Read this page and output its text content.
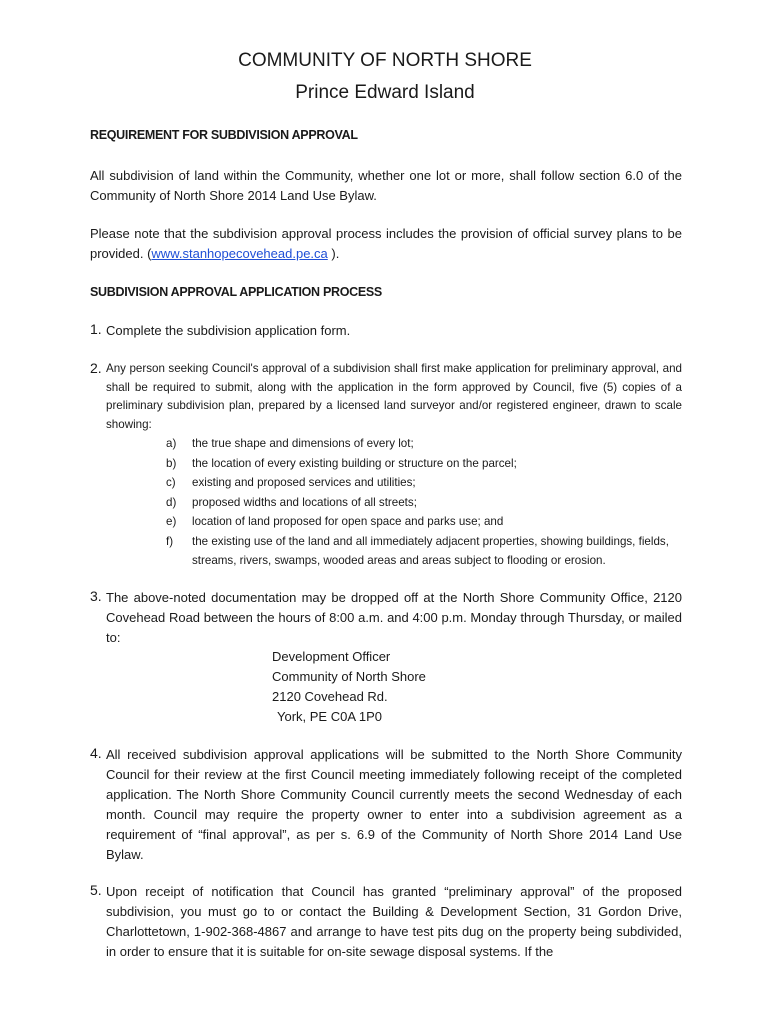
COMMUNITY OF NORTH SHORE
Prince Edward Island
REQUIREMENT FOR SUBDIVISION APPROVAL
All subdivision of land within the Community, whether one lot or more, shall follow section 6.0 of the Community of North Shore 2014 Land Use Bylaw.
Please note that the subdivision approval process includes the provision of official survey plans to be provided. (www.stanhopecovehead.pe.ca ).
SUBDIVISION APPROVAL APPLICATION PROCESS
1. Complete the subdivision application form.
2. Any person seeking Council's approval of a subdivision shall first make application for preliminary approval, and shall be required to submit, along with the application in the form approved by Council, five (5) copies of a preliminary subdivision plan, prepared by a licensed land surveyor and/or registered engineer, drawn to scale showing:
a)	the true shape and dimensions of every lot;
b)	the location of every existing building or structure on the parcel;
c)	existing and proposed services and utilities;
d)	proposed widths and locations of all streets;
e)	location of land proposed for open space and parks use; and
f)	the existing use of the land and all immediately adjacent properties, showing buildings, fields, streams, rivers, swamps, wooded areas and areas subject to flooding or erosion.
3. The above-noted documentation may be dropped off at the North Shore Community Office, 2120 Covehead Road between the hours of 8:00 a.m. and 4:00 p.m. Monday through Thursday, or mailed to:
Development Officer
Community of North Shore
2120 Covehead Rd.
York, PE C0A 1P0
4. All received subdivision approval applications will be submitted to the North Shore Community Council for their review at the first Council meeting immediately following receipt of the completed application. The North Shore Community Council currently meets the second Wednesday of each month. Council may require the property owner to enter into a subdivision agreement as a requirement of “final approval”, as per s. 6.9 of the Community of North Shore 2014 Land Use Bylaw.
5. Upon receipt of notification that Council has granted “preliminary approval” of the proposed subdivision, you must go to or contact the Building & Development Section, 31 Gordon Drive, Charlottetown, 1-902-368-4867 and arrange to have test pits dug on the property being subdivided, in order to ensure that it is suitable for on-site sewage disposal systems. If the
